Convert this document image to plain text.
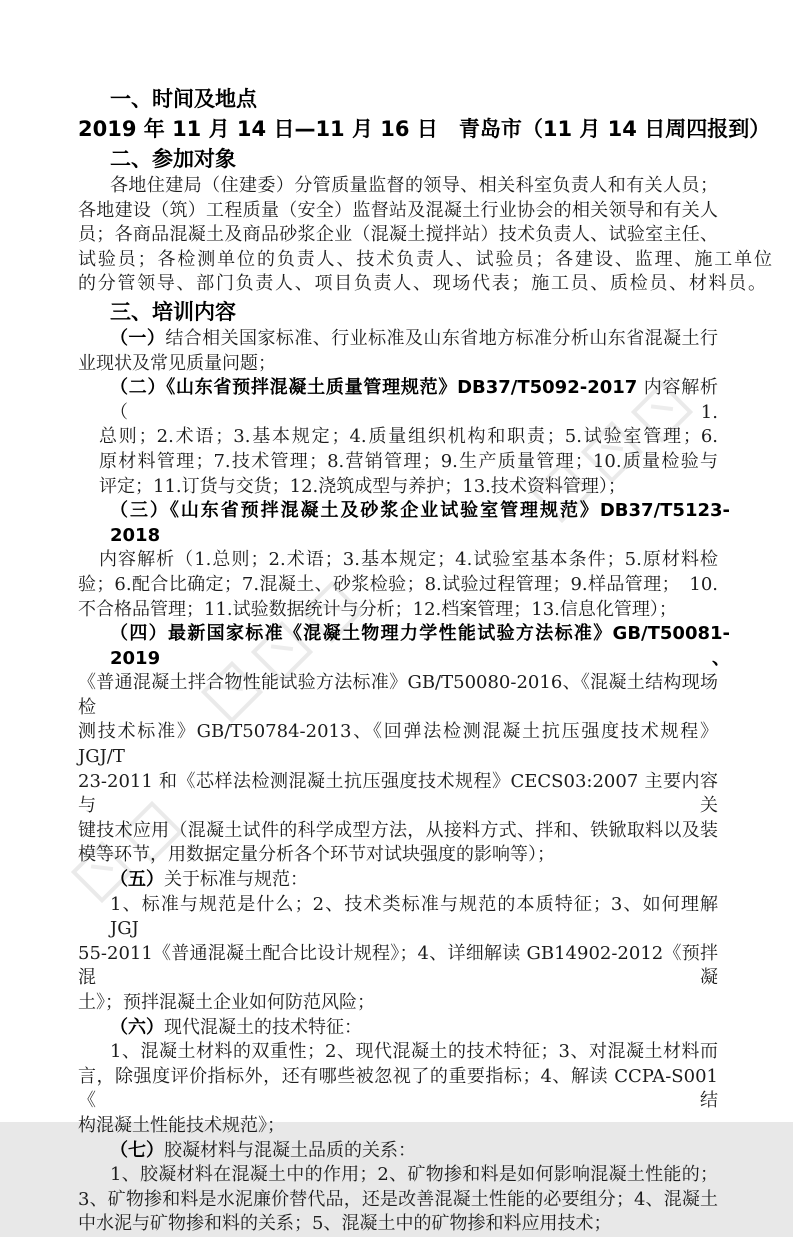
一、时间及地点
2019 年 11 月 14 日—11 月 16 日　青岛市（11 月 14 日周四报到）
二、参加对象
各地住建局（住建委）分管质量监督的领导、相关科室负责人和有关人员；
各地建设（筑）工程质量（安全）监督站及混凝土行业协会的相关领导和有关人
员；各商品混凝土及商品砂浆企业（混凝土搅拌站）技术负责人、试验室主任、
试验员；各检测单位的负责人、技术负责人、试验员；各建设、监理、施工单位
的分管领导、部门负责人、项目负责人、现场代表；施工员、质检员、材料员。
三、培训内容
（一）结合相关国家标准、行业标准及山东省地方标准分析山东省混凝土行
业现状及常见质量问题；
（二）《山东省预拌混凝土质量管理规范》DB37/T5092-2017 内容解析（1.
总则；2.术语；3.基本规定；4.质量组织机构和职责；5.试验室管理；6.
原材料管理；7.技术管理；8.营销管理；9.生产质量管理；10.质量检验与
评定；11.订货与交货；12.浇筑成型与养护；13.技术资料管理）；
（三）《山东省预拌混凝土及砂浆企业试验室管理规范》DB37/T5123-2018
内容解析（1.总则；2.术语；3.基本规定；4.试验室基本条件；5.原材料检
验；6.配合比确定；7.混凝土、砂浆检验；8.试验过程管理；9.样品管理；　10.
不合格品管理；11.试验数据统计与分析；12.档案管理；13.信息化管理）；
（四）最新国家标准《混凝土物理力学性能试验方法标准》GB/T50081-2019、
《普通混凝土拌合物性能试验方法标准》GB/T50080-2016、《混凝土结构现场检
测技术标准》GB/T50784-2013、《回弹法检测混凝土抗压强度技术规程》JGJ/T
23-2011 和《芯样法检测混凝土抗压强度技术规程》CECS03:2007 主要内容与关
键技术应用（混凝土试件的科学成型方法，从接料方式、拌和、铁锨取料以及装
模等环节，用数据定量分析各个环节对试块强度的影响等）；
（五）关于标准与规范：
1、标准与规范是什么；2、技术类标准与规范的本质特征；3、如何理解 JGJ
55-2011《普通混凝土配合比设计规程》；4、详细解读 GB14902-2012《预拌混凝
土》；预拌混凝土企业如何防范风险；
（六）现代混凝土的技术特征：
1、混凝土材料的双重性；2、现代混凝土的技术特征；3、对混凝土材料而
言，除强度评价指标外，还有哪些被忽视了的重要指标；4、解读 CCPA-S001《结
构混凝土性能技术规范》；
（七）胶凝材料与混凝土品质的关系：
1、胶凝材料在混凝土中的作用；2、矿物掺和料是如何影响混凝土性能的；
3、矿物掺和料是水泥廉价替代品，还是改善混凝土性能的必要组分；4、混凝土
中水泥与矿物掺和料的关系；5、混凝土中的矿物掺和料应用技术；
